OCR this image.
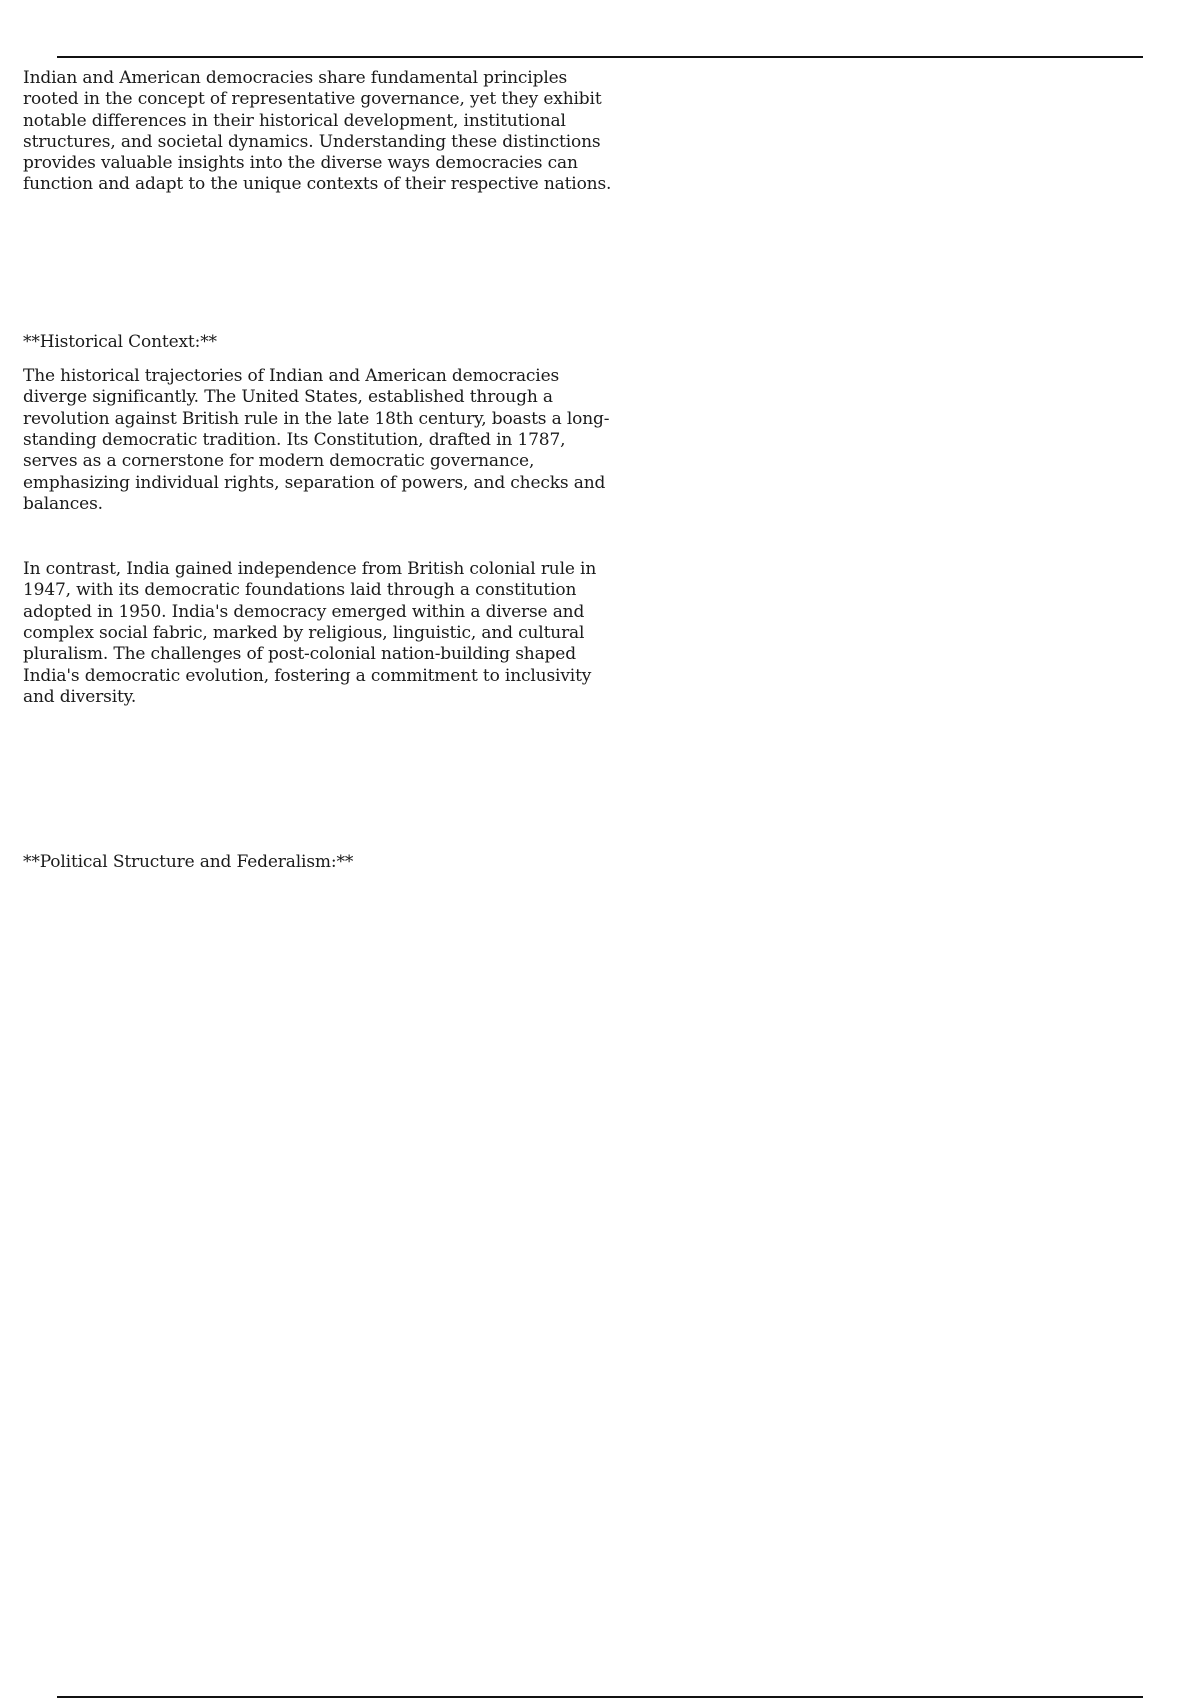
Indian and American democracies share fundamental principles rooted in the concept of representative governance, yet they exhibit notable differences in their historical development, institutional structures, and societal dynamics. Understanding these distinctions provides valuable insights into the diverse ways democracies can function and adapt to the unique contexts of their respective nations.

**Historical Context:**

The historical trajectories of Indian and American democracies diverge significantly. The United States, established through a revolution against British rule in the late 18th century, boasts a long-standing democratic tradition. Its Constitution, drafted in 1787, serves as a cornerstone for modern democratic governance, emphasizing individual rights, separation of powers, and checks and balances.

In contrast, India gained independence from British colonial rule in 1947, with its democratic foundations laid through a constitution adopted in 1950. India's democracy emerged within a diverse and complex social fabric, marked by religious, linguistic, and cultural pluralism. The challenges of post-colonial nation-building shaped India's democratic evolution, fostering a commitment to inclusivity and diversity.

**Political Structure and Federalism:**
